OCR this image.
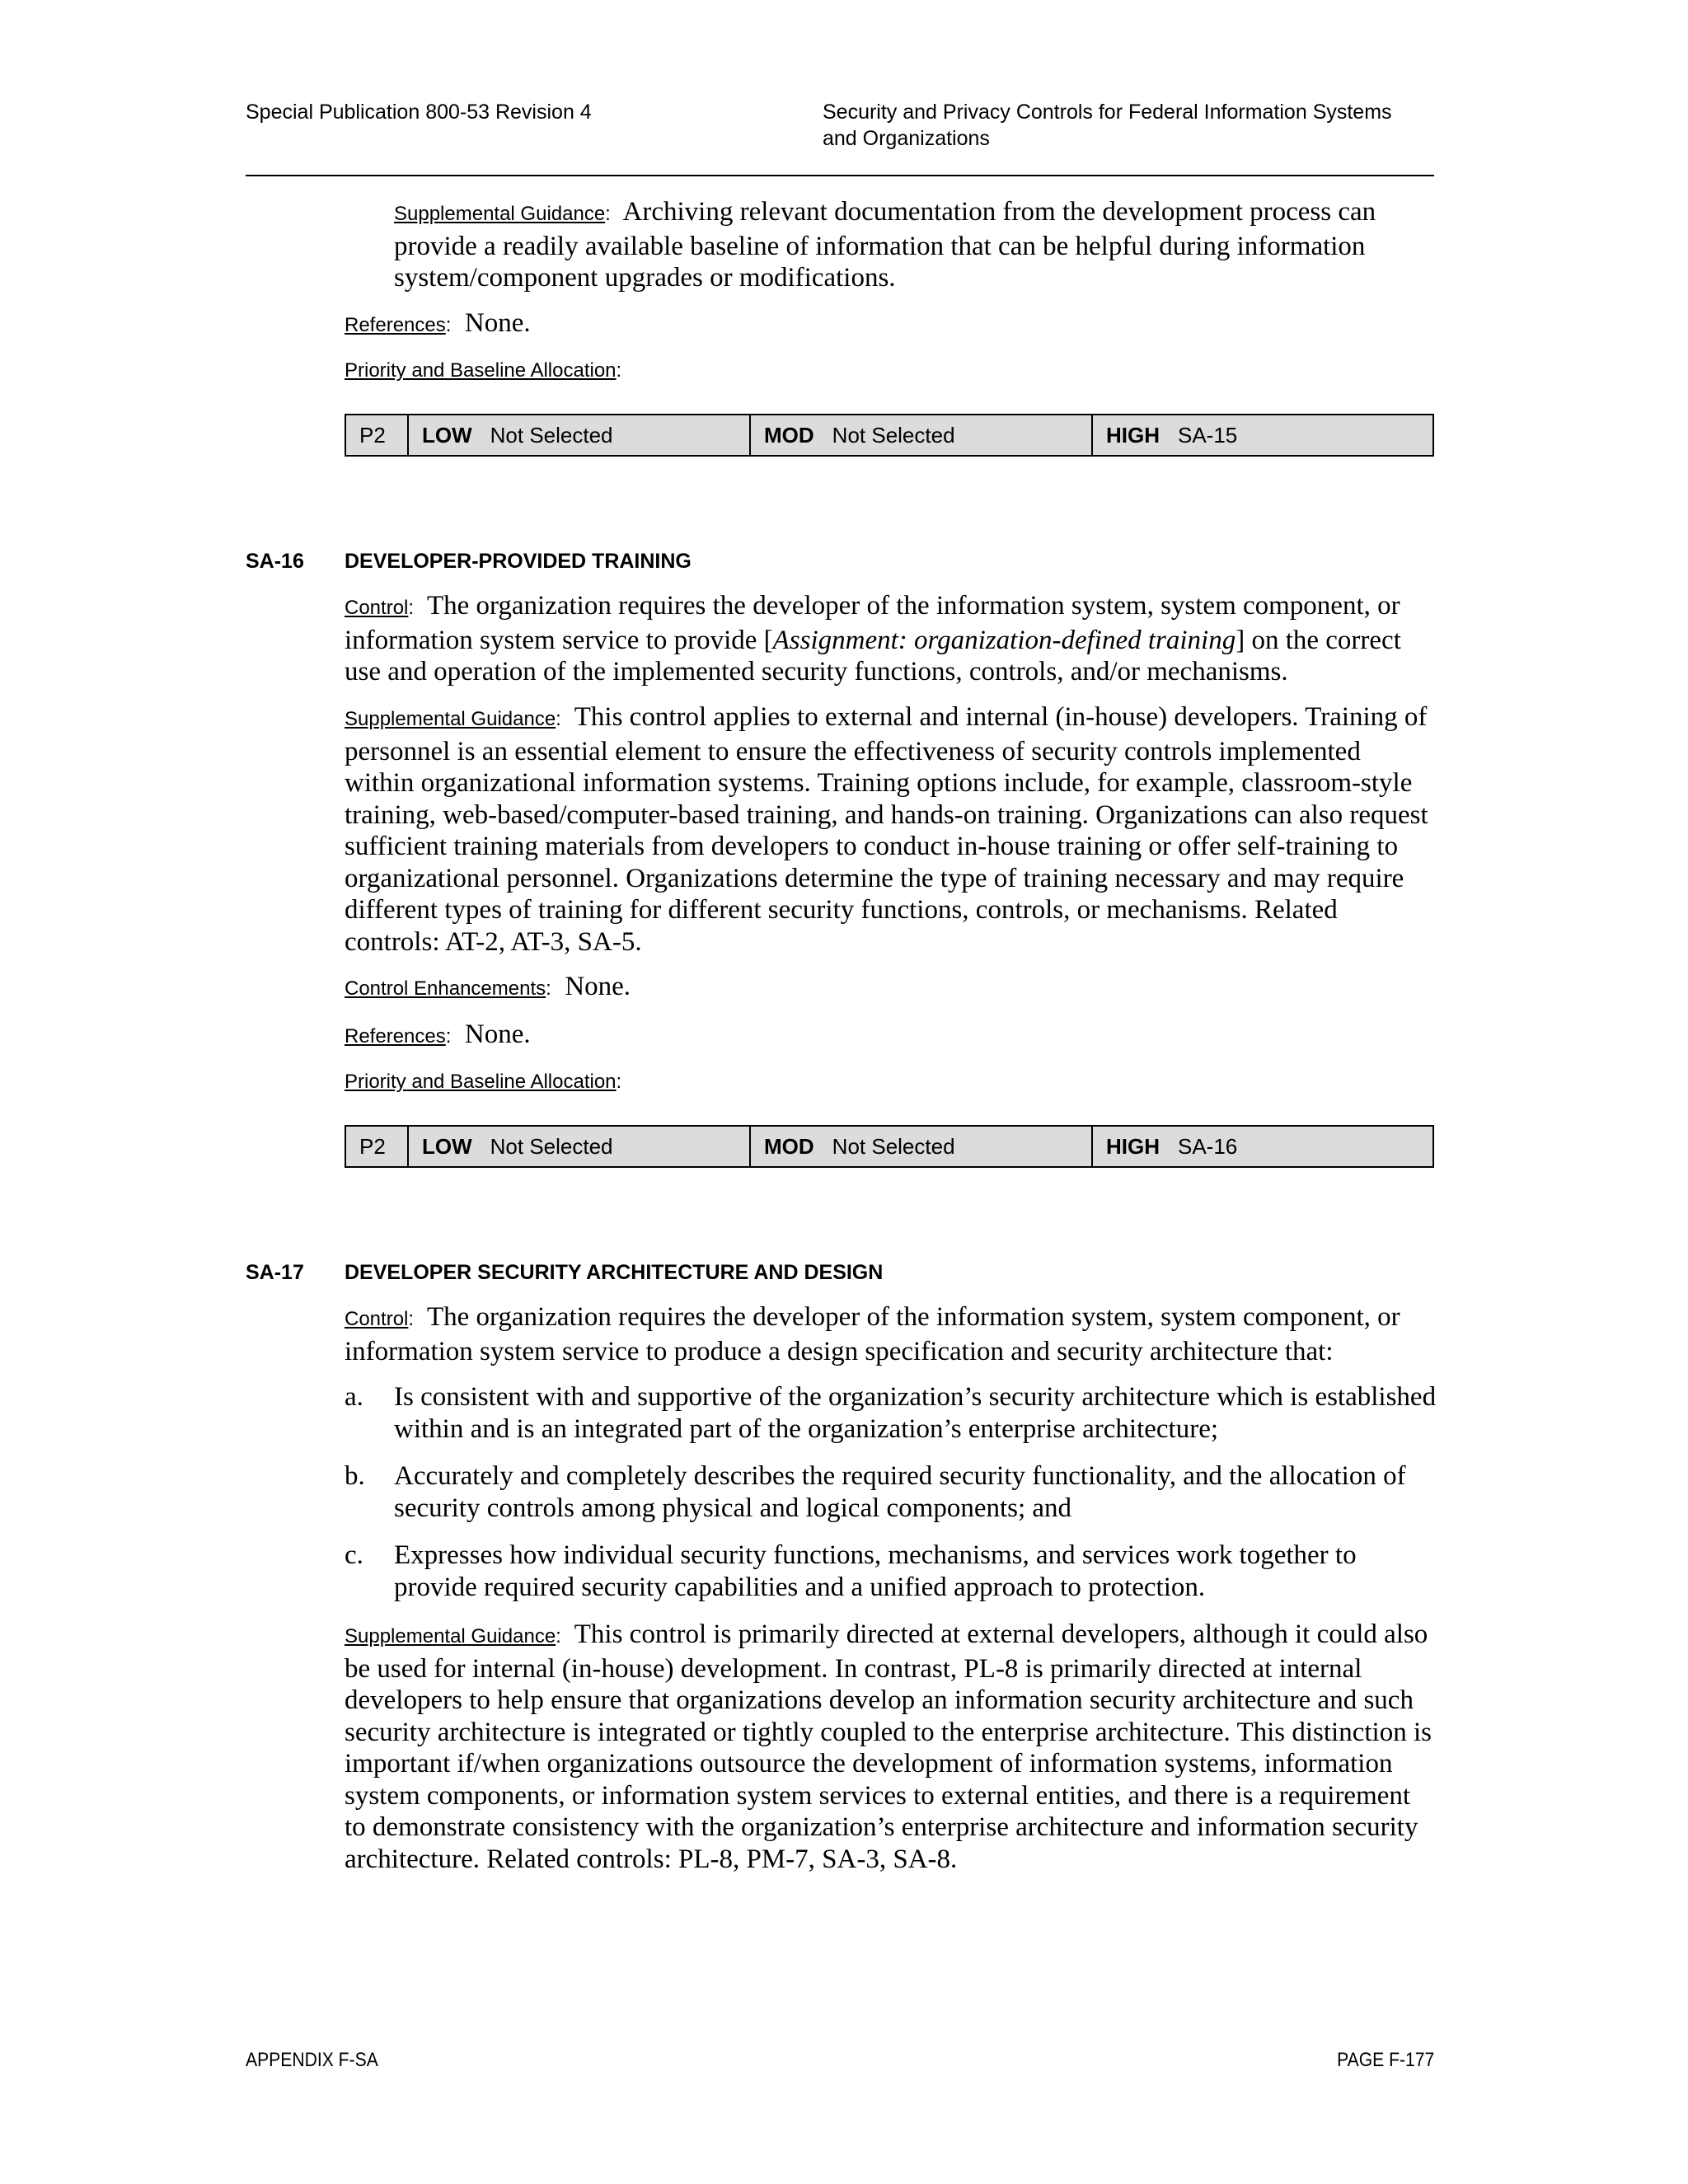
Special Publication 800-53 Revision 4	Security and Privacy Controls for Federal Information Systems
and Organizations

Supplemental Guidance: Archiving relevant documentation from the development process can provide a readily available baseline of information that can be helpful during information system/component upgrades or modifications.

References: None.

Priority and Baseline Allocation:

P2	LOW Not Selected	MOD Not Selected	HIGH SA-15
SA-16 DEVELOPER-PROVIDED TRAINING

Control: The organization requires the developer of the information system, system component, or information system service to provide [Assignment: organization-defined training] on the correct use and operation of the implemented security functions, controls, and/or mechanisms.

Supplemental Guidance: This control applies to external and internal (in-house) developers. Training of personnel is an essential element to ensure the effectiveness of security controls implemented within organizational information systems. Training options include, for example, classroom-style training, web-based/computer-based training, and hands-on training. Organizations can also request sufficient training materials from developers to conduct in-house training or offer self-training to organizational personnel. Organizations determine the type of training necessary and may require different types of training for different security functions, controls, or mechanisms. Related controls: AT-2, AT-3, SA-5.

Control Enhancements: None.

References: None.

Priority and Baseline Allocation:

P2	LOW Not Selected	MOD Not Selected	HIGH SA-16
SA-17 DEVELOPER SECURITY ARCHITECTURE AND DESIGN

Control: The organization requires the developer of the information system, system component, or information system service to produce a design specification and security architecture that:

a. Is consistent with and supportive of the organization’s security architecture which is established within and is an integrated part of the organization’s enterprise architecture;

b. Accurately and completely describes the required security functionality, and the allocation of security controls among physical and logical components; and

c. Expresses how individual security functions, mechanisms, and services work together to provide required security capabilities and a unified approach to protection.

Supplemental Guidance: This control is primarily directed at external developers, although it could also be used for internal (in-house) development. In contrast, PL-8 is primarily directed at internal developers to help ensure that organizations develop an information security architecture and such security architecture is integrated or tightly coupled to the enterprise architecture. This distinction is important if/when organizations outsource the development of information systems, information system components, or information system services to external entities, and there is a requirement to demonstrate consistency with the organization’s enterprise architecture and information security architecture. Related controls: PL-8, PM-7, SA-3, SA-8.

APPENDIX F-SA	PAGE F-177
